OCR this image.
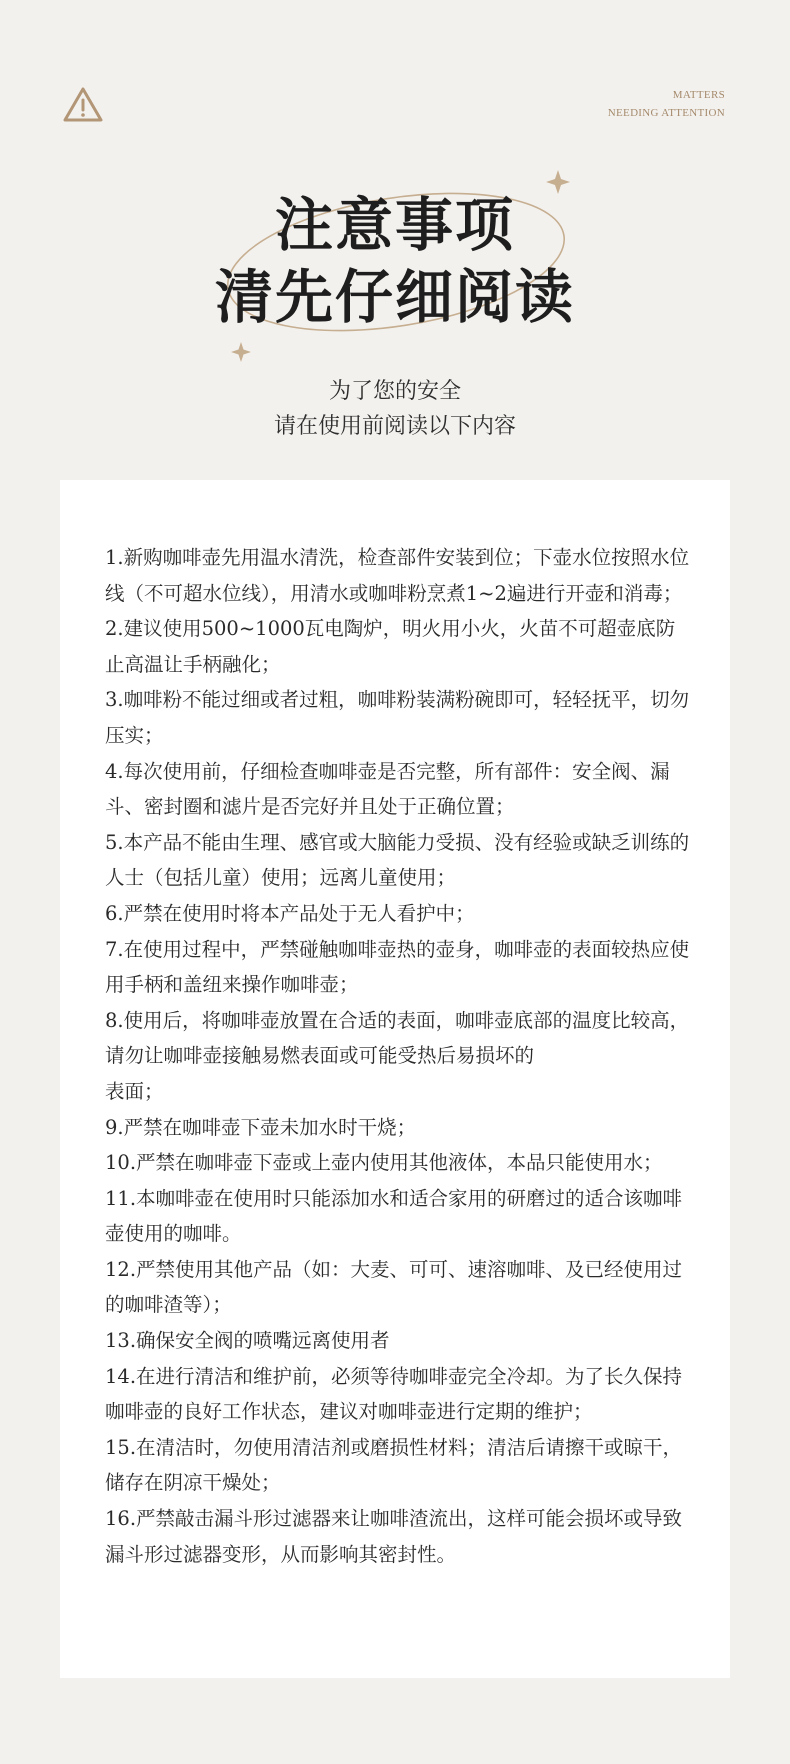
MATTERS
NEEDING ATTENTION
注意事项
清先仔细阅读
为了您的安全
请在使用前阅读以下内容
1.新购咖啡壶先用温水清洗，检查部件安装到位；下壶水位按照水位线（不可超水位线），用清水或咖啡粉烹煮1~2遍进行开壶和消毒；
2.建议使用500~1000瓦电陶炉，明火用小火，火苗不可超壶底防止高温让手柄融化；
3.咖啡粉不能过细或者过粗，咖啡粉装满粉碗即可，轻轻抚平，切勿压实；
4.每次使用前，仔细检查咖啡壶是否完整，所有部件：安全阀、漏斗、密封圈和滤片是否完好并且处于正确位置；
5.本产品不能由生理、感官或大脑能力受损、没有经验或缺乏训练的人士（包括儿童）使用；远离儿童使用；
6.严禁在使用时将本产品处于无人看护中；
7.在使用过程中，严禁碰触咖啡壶热的壶身，咖啡壶的表面较热应使用手柄和盖纽来操作咖啡壶；
8.使用后，将咖啡壶放置在合适的表面，咖啡壶底部的温度比较高，请勿让咖啡壶接触易燃表面或可能受热后易损坏的
表面；
9.严禁在咖啡壶下壶未加水时干烧；
10.严禁在咖啡壶下壶或上壶内使用其他液体，本品只能使用水；
11.本咖啡壶在使用时只能添加水和适合家用的研磨过的适合该咖啡壶使用的咖啡。
12.严禁使用其他产品（如：大麦、可可、速溶咖啡、及已经使用过的咖啡渣等）；
13.确保安全阀的喷嘴远离使用者
14.在进行清洁和维护前，必须等待咖啡壶完全冷却。为了长久保持咖啡壶的良好工作状态，建议对咖啡壶进行定期的维护；
15.在清洁时，勿使用清洁剂或磨损性材料；清洁后请擦干或晾干，储存在阴凉干燥处；
16.严禁敲击漏斗形过滤器来让咖啡渣流出，这样可能会损坏或导致漏斗形过滤器变形，从而影响其密封性。
